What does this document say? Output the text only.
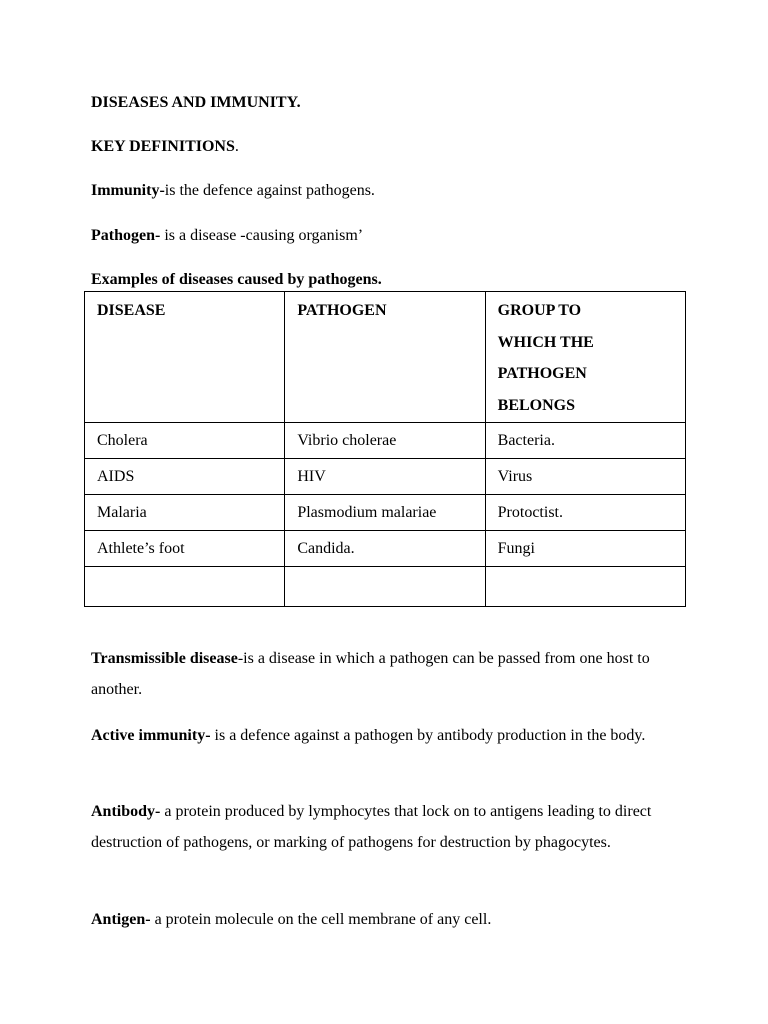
DISEASES AND IMMUNITY.

KEY DEFINITIONS.

Immunity-is the defence against pathogens.

Pathogen- is a disease -causing organism’

Examples of diseases caused by pathogens.

DISEASE	PATHOGEN	GROUP TO
WHICH THE
PATHOGEN
BELONGS

Cholera	Vibrio cholerae	Bacteria.
AIDS	HIV	Virus
Malaria	Plasmodium malariae	Protoctist.
Athlete’s foot	Candida.	Fungi

Transmissible disease-is a disease in which a pathogen can be passed from one host to another.

Active immunity- is a defence against a pathogen by antibody production in the body.

Antibody- a protein produced by lymphocytes that lock on to antigens leading to direct destruction of pathogens, or marking of pathogens for destruction by phagocytes.

Antigen- a protein molecule on the cell membrane of any cell.
